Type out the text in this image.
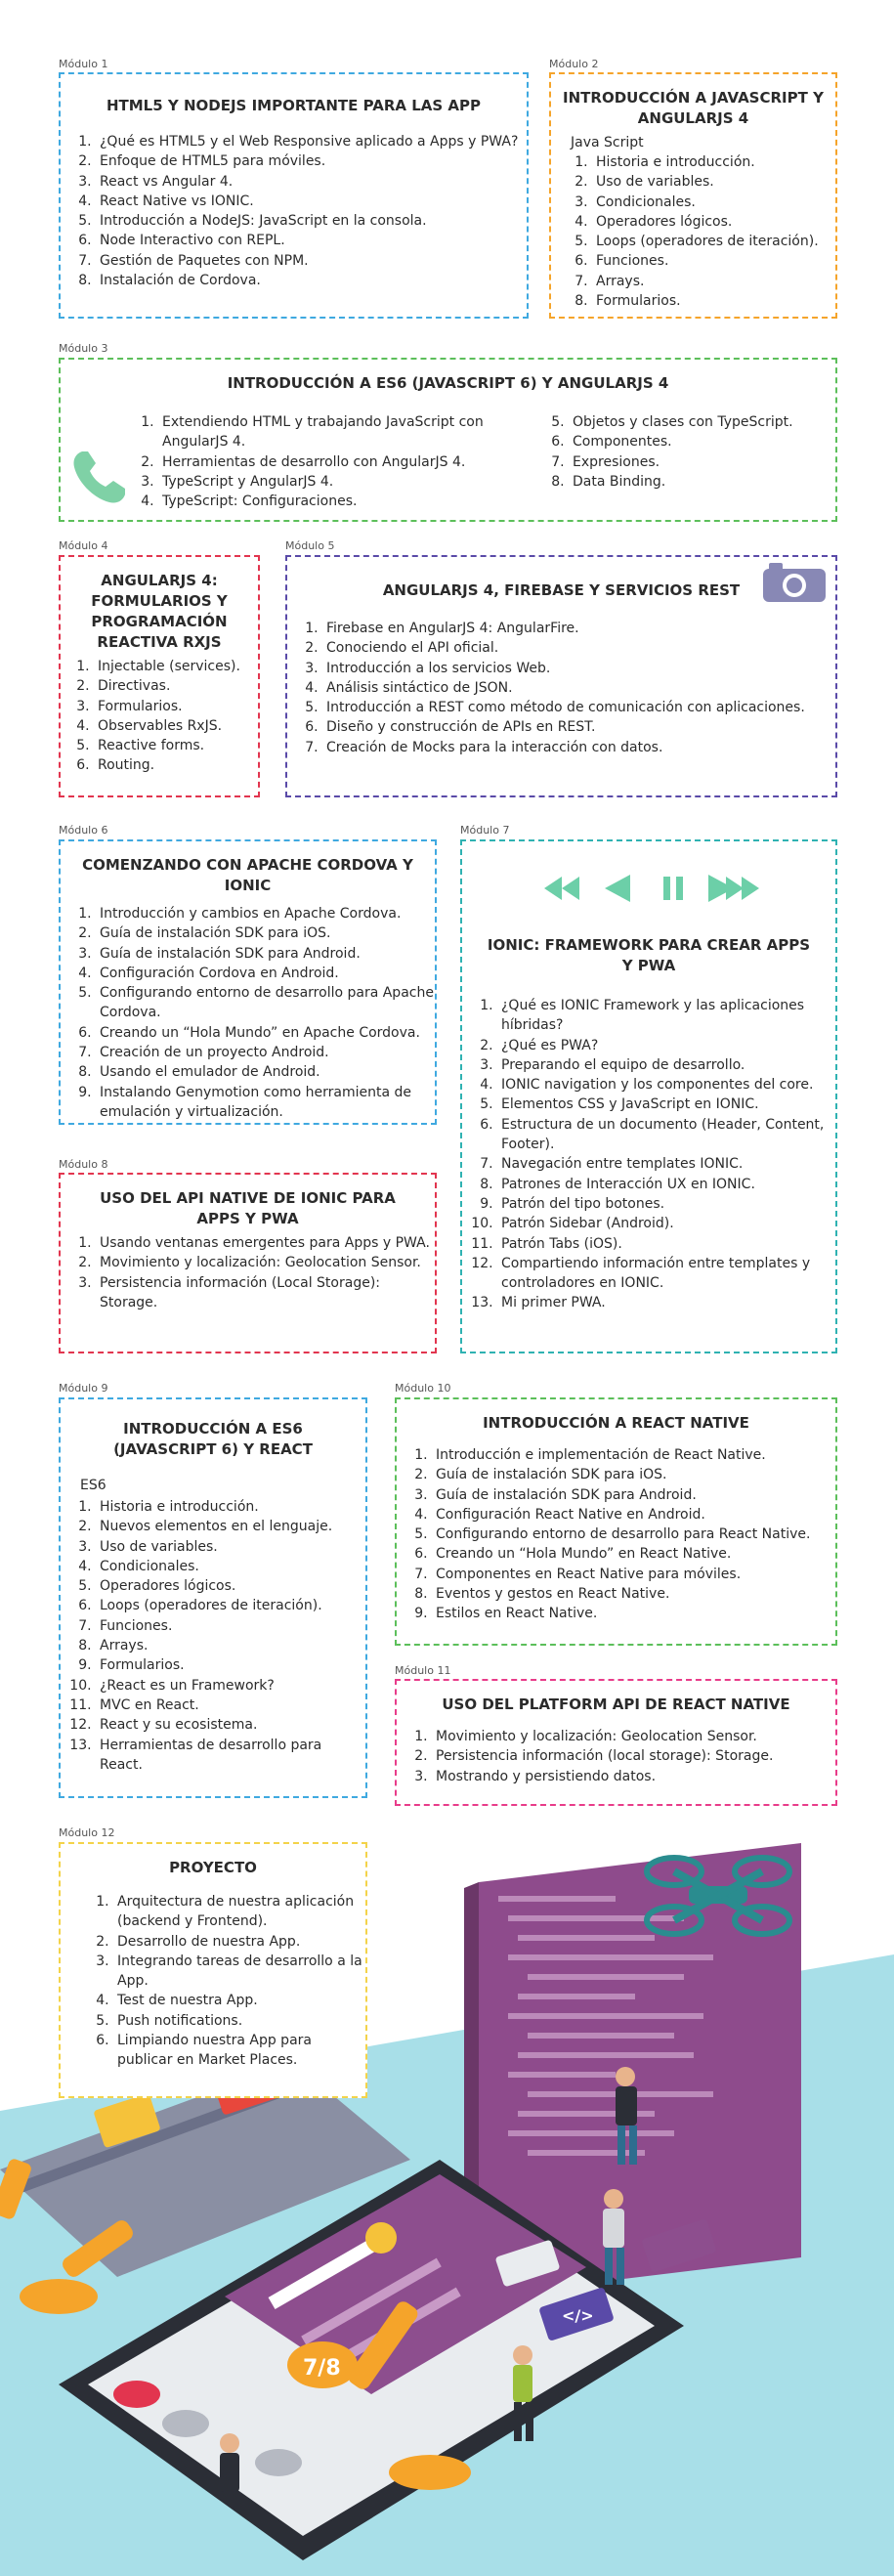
Módulo 1
HTML5 Y NODEJS IMPORTANTE PARA LAS APP
1. ¿Qué es HTML5 y el Web Responsive aplicado a Apps y PWA?
2. Enfoque de HTML5 para móviles.
3. React vs Angular 4.
4. React Native vs IONIC.
5. Introducción a NodeJS: JavaScript en la consola.
6. Node Interactivo con REPL.
7. Gestión de Paquetes con NPM.
8. Instalación de Cordova.
Módulo 2
INTRODUCCIÓN A JAVASCRIPT Y ANGULARJS 4
Java Script
1. Historia e introducción.
2. Uso de variables.
3. Condicionales.
4. Operadores lógicos.
5. Loops (operadores de iteración).
6. Funciones.
7. Arrays.
8. Formularios.
Módulo 3
INTRODUCCIÓN A ES6 (JAVASCRIPT 6) Y ANGULARJS 4
1. Extendiendo HTML y trabajando JavaScript con AngularJS 4.
2. Herramientas de desarrollo con AngularJS 4.
3. TypeScript y AngularJS 4.
4. TypeScript: Configuraciones.
5. Objetos y clases con TypeScript.
6. Componentes.
7. Expresiones.
8. Data Binding.
Módulo 4
ANGULARJS 4: FORMULARIOS Y PROGRAMACIÓN REACTIVA RXJS
1. Injectable (services).
2. Directivas.
3. Formularios.
4. Observables RxJS.
5. Reactive forms.
6. Routing.
Módulo 5
ANGULARJS 4, FIREBASE Y SERVICIOS REST
1. Firebase en AngularJS 4: AngularFire.
2. Conociendo el API oficial.
3. Introducción a los servicios Web.
4. Análisis sintáctico de JSON.
5. Introducción a REST como método de comunicación con aplicaciones.
6. Diseño y construcción de APIs en REST.
7. Creación de Mocks para la interacción con datos.
Módulo 6
COMENZANDO CON APACHE CORDOVA Y IONIC
1. Introducción y cambios en Apache Cordova.
2. Guía de instalación SDK para iOS.
3. Guía de instalación SDK para Android.
4. Configuración Cordova en Android.
5. Configurando entorno de desarrollo para Apache Cordova.
6. Creando un “Hola Mundo” en Apache Cordova.
7. Creación de un proyecto Android.
8. Usando el emulador de Android.
9. Instalando Genymotion como herramienta de emulación y virtualización.
Módulo 7
IONIC: FRAMEWORK PARA CREAR APPS Y PWA
1. ¿Qué es IONIC Framework y las aplicaciones híbridas?
2. ¿Qué es PWA?
3. Preparando el equipo de desarrollo.
4. IONIC navigation y los componentes del core.
5. Elementos CSS y JavaScript en IONIC.
6. Estructura de un documento (Header, Content, Footer).
7. Navegación entre templates IONIC.
8. Patrones de Interacción UX en IONIC.
9. Patrón del tipo botones.
10. Patrón Sidebar (Android).
11. Patrón Tabs (iOS).
12. Compartiendo información entre templates y controladores en IONIC.
13. Mi primer PWA.
Módulo 8
USO DEL API NATIVE DE IONIC PARA APPS Y PWA
1. Usando ventanas emergentes para Apps y PWA.
2. Movimiento y localización: Geolocation Sensor.
3. Persistencia información (Local Storage): Storage.
Módulo 9
INTRODUCCIÓN A ES6 (JAVASCRIPT 6) Y REACT
ES6
1. Historia e introducción.
2. Nuevos elementos en el lenguaje.
3. Uso de variables.
4. Condicionales.
5. Operadores lógicos.
6. Loops (operadores de iteración).
7. Funciones.
8. Arrays.
9. Formularios.
10. ¿React es un Framework?
11. MVC en React.
12. React y su ecosistema.
13. Herramientas de desarrollo para React.
Módulo 10
INTRODUCCIÓN A REACT NATIVE
1. Introducción e implementación de React Native.
2. Guía de instalación SDK para iOS.
3. Guía de instalación SDK para Android.
4. Configuración React Native en Android.
5. Configurando entorno de desarrollo para React Native.
6. Creando un “Hola Mundo” en React Native.
7. Componentes en React Native para móviles.
8. Eventos y gestos en React Native.
9. Estilos en React Native.
Módulo 11
USO DEL PLATFORM API DE REACT NATIVE
1. Movimiento y localización: Geolocation Sensor.
2. Persistencia información (local storage): Storage.
3. Mostrando y persistiendo datos.
7/8
</>
Módulo 12
PROYECTO
1. Arquitectura de nuestra aplicación (backend y Frontend).
2. Desarrollo de nuestra App.
3. Integrando tareas de desarrollo a la App.
4. Test de nuestra App.
5. Push notifications.
6. Limpiando nuestra App para publicar en Market Places.
